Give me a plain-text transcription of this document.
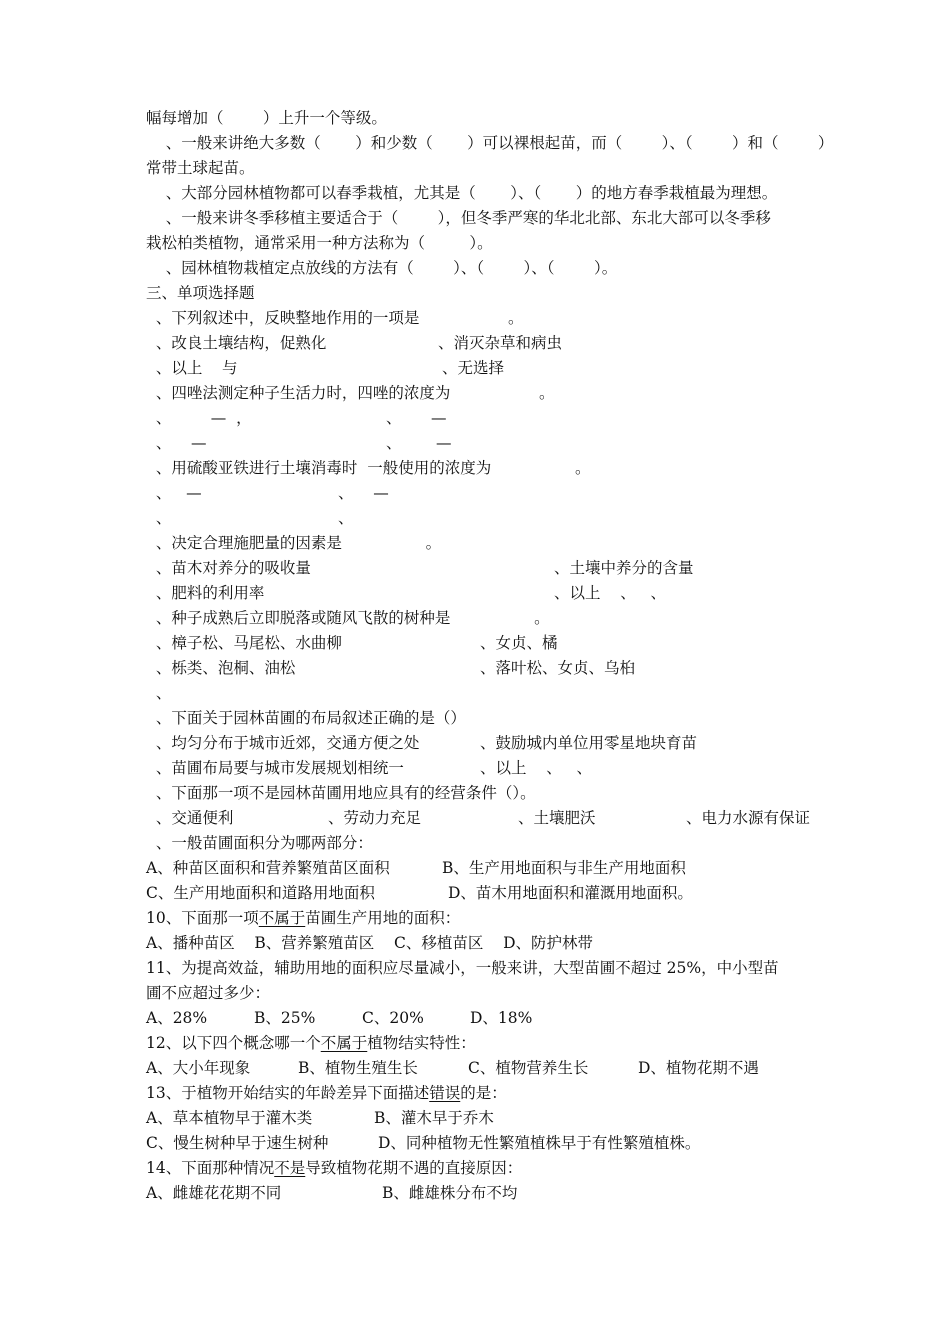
幅每增加（        ）上升一个等级。
、一般来讲绝大多数（       ）和少数（       ）可以裸根起苗，而（        ）、（        ）和（        ）
常带土球起苗。
、大部分园林植物都可以春季栽植，尤其是（       ）、（       ）的地方春季栽植最为理想。
、一般来讲冬季移植主要适合于（        ），但冬季严寒的华北北部、东北大部可以冬季移
栽松柏类植物，通常采用一种方法称为（         ）。
、园林植物栽植定点放线的方法有（        ）、（        ）、（        ）。
三、单项选择题
、下列叙述中，反映整地作用的一项是                  。
、改良土壤结构，促熟化	、消灭杂草和病虫
、以上    与	、无选择
、四唑法测定种子生活力时，四唑的浓度为                  。
、        —  ，	、      —
、    —	、       —
、用硫酸亚铁进行土壤消毒时  一般使用的浓度为                 。
、   —	、    —
、	、
、决定合理施肥量的因素是                 。
、苗木对养分的吸收量	、土壤中养分的含量
、肥料的利用率	、以上    、   、
、种子成熟后立即脱落或随风飞散的树种是                 。
、樟子松、马尾松、水曲柳	、女贞、橘
、栎类、泡桐、油松	、落叶松、女贞、乌桕
、
、下面关于园林苗圃的布局叙述正确的是（）
、均匀分布于城市近郊，交通方便之处	、鼓励城内单位用零星地块育苗
、苗圃布局要与城市发展规划相统一	、以上    、   、
、下面那一项不是园林苗圃用地应具有的经营条件（）。
、交通便利	、劳动力充足	、土壤肥沃	、电力水源有保证
、一般苗圃面积分为哪两部分：
A、种苗区面积和营养繁殖苗区面积	B、生产用地面积与非生产用地面积
C、生产用地面积和道路用地面积	D、苗木用地面积和灌溉用地面积。
10、下面那一项 不属于 苗圃生产用地的面积：
A、播种苗区    B、营养繁殖苗区    C、移植苗区    D、防护林带
11、为提高效益，辅助用地的面积应尽量减小，一般来讲，大型苗圃不超过 25%，中小型苗
圃不应超过多少：
A、28%	B、25%	C、20%	D、18%
12、以下四个概念哪一个 不属于 植物结实特性：
A、大小年现象	B、植物生殖生长	C、植物营养生长	D、植物花期不遇
13、于植物开始结实的年龄差异下面描述 错误 的是：
A、草本植物早于灌木类	B、灌木早于乔木
C、慢生树种早于速生树种	D、同种植物无性繁殖植株早于有性繁殖植株。
14、下面那种情况 不是 导致植物花期不遇的直接原因：
A、雌雄花花期不同	B、雌雄株分布不均
